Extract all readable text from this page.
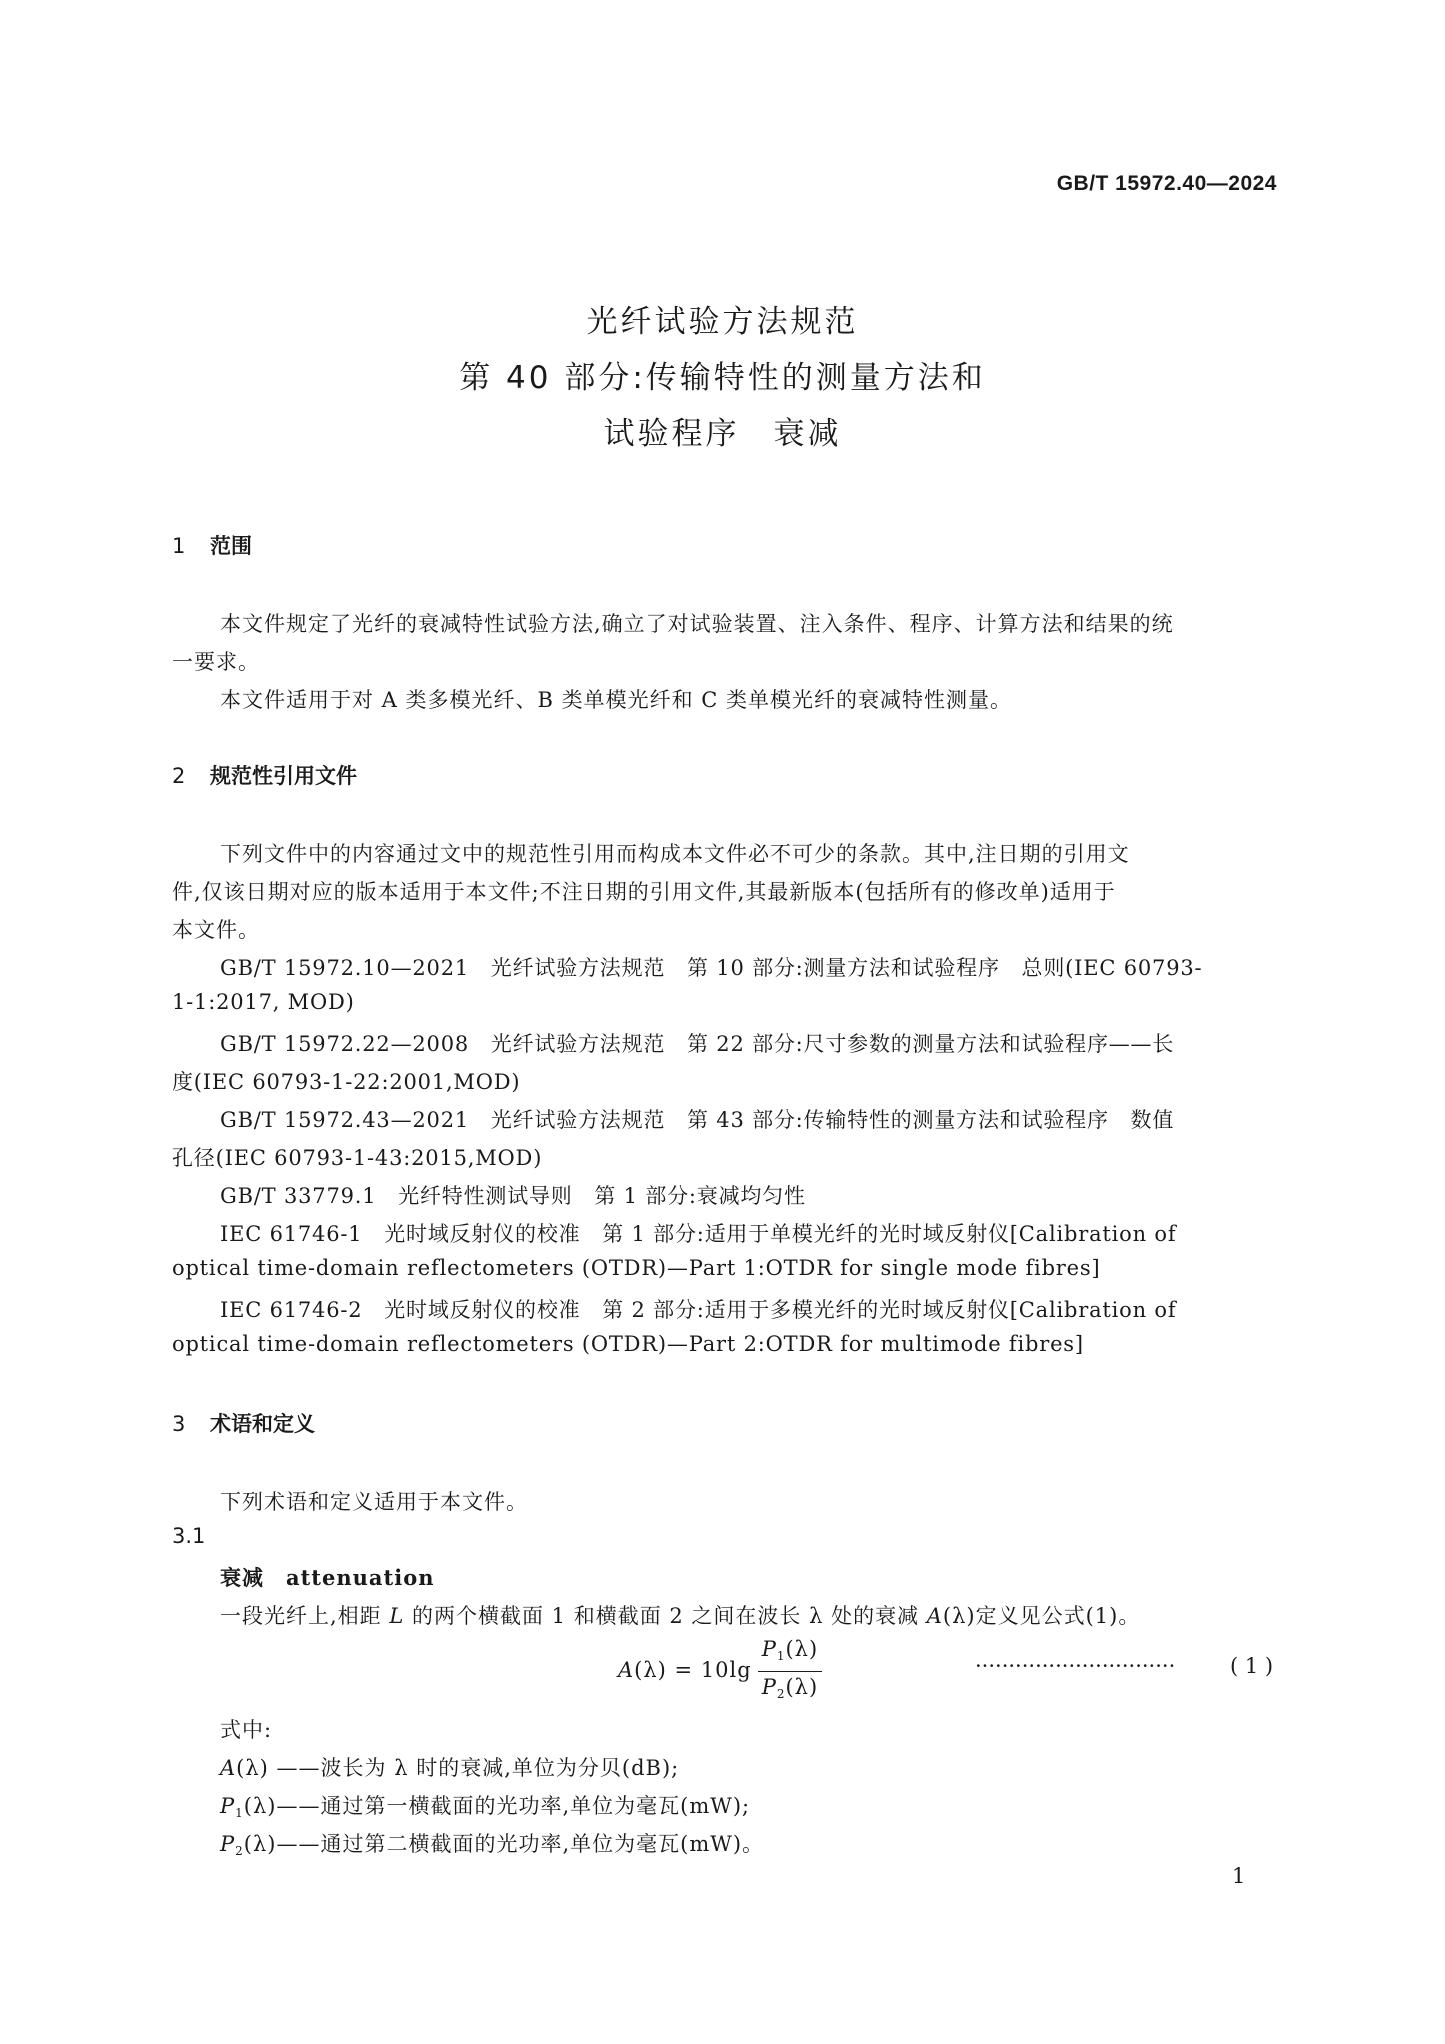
GB/T 15972.40—2024
光纤试验方法规范
第 40 部分:传输特性的测量方法和
试验程序　衰减
1 范围
本文件规定了光纤的衰减特性试验方法,确立了对试验装置、注入条件、程序、计算方法和结果的统
一要求。
本文件适用于对 A 类多模光纤、B 类单模光纤和 C 类单模光纤的衰减特性测量。
2 规范性引用文件
下列文件中的内容通过文中的规范性引用而构成本文件必不可少的条款。其中,注日期的引用文
件,仅该日期对应的版本适用于本文件;不注日期的引用文件,其最新版本(包括所有的修改单)适用于
本文件。
GB/T 15972.10—2021　光纤试验方法规范　第 10 部分:测量方法和试验程序　总则(IEC 60793-
1-1:2017, MOD)
GB/T 15972.22—2008　光纤试验方法规范　第 22 部分:尺寸参数的测量方法和试验程序——长
度(IEC 60793-1-22:2001,MOD)
GB/T 15972.43—2021　光纤试验方法规范　第 43 部分:传输特性的测量方法和试验程序　数值
孔径(IEC 60793-1-43:2015,MOD)
GB/T 33779.1　光纤特性测试导则　第 1 部分:衰减均匀性
IEC 61746-1　光时域反射仪的校准　第 1 部分:适用于单模光纤的光时域反射仪[Calibration of
optical time-domain reflectometers (OTDR)—Part 1:OTDR for single mode fibres]
IEC 61746-2　光时域反射仪的校准　第 2 部分:适用于多模光纤的光时域反射仪[Calibration of
optical time-domain reflectometers (OTDR)—Part 2:OTDR for multimode fibres]
3 术语和定义
下列术语和定义适用于本文件。
3.1
衰减　 attenuation
一段光纤上,相距 L 的两个横截面 1 和横截面 2 之间在波长 λ 处的衰减 A(λ)定义见公式(1)。
$A(\lambda) = 10\lg \frac{P_1(\lambda)}{P_2(\lambda)}$	······························	( 1 )
式中:
A(λ) ——波长为 λ 时的衰减,单位为分贝(dB);
$P_1(\lambda)——$通过第一横截面的光功率,单位为毫瓦(mW);
$P_2(\lambda)——$通过第二横截面的光功率,单位为毫瓦(mW)。
1
